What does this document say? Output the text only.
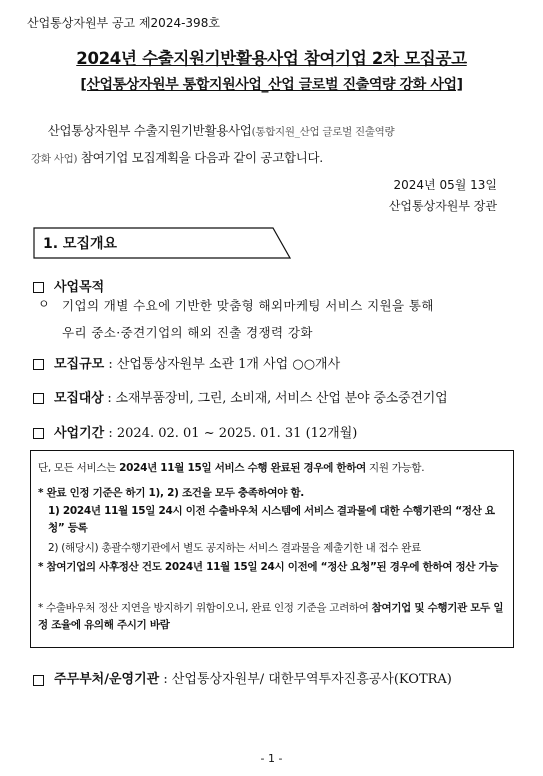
산업통상자원부 공고 제2024-398호
2024년 수출지원기반활용사업 참여기업 2차 모집공고
[산업통상자원부 통합지원사업_산업 글로벌 진출역량 강화 사업]
산업통상자원부 수출지원기반활용사업(통합지원_산업 글로벌 진출역량
강화 사업) 참여기업 모집계획을 다음과 같이 공고합니다.
2024년 05월 13일
산업통상자원부 장관
1. 모집개요
사업목적
ㅇ 기업의 개별 수요에 기반한 맞춤형 해외마케팅 서비스 지원을 통해
우리 중소·중견기업의 해외 진출 경쟁력 강화
모집규모 : 산업통상자원부 소관 1개 사업 ○○개사
모집대상 : 소재부품장비, 그린, 소비재, 서비스 산업 분야 중소중견기업
사업기간 : 2024. 02. 01 ~ 2025. 01. 31 (12개월)
단, 모든 서비스는 2024년 11월 15일 서비스 수행 완료된 경우에 한하여 지원 가능함.
* 완료 인정 기준은 하기 1), 2) 조건을 모두 충족하여야 함.
1) 2024년 11월 15일 24시 이전 수출바우처 시스템에 서비스 결과물에 대한 수행기관의 “정산 요청” 등록
2) (해당시) 총괄수행기관에서 별도 공지하는 서비스 결과물을 제출기한 내 접수 완료
* 참여기업의 사후정산 건도 2024년 11월 15일 24시 이전에 “정산 요청”된 경우에 한하여 정산 가능
* 수출바우처 정산 지연을 방지하기 위함이오니, 완료 인정 기준을 고려하여 참여기업 및 수행기관 모두 일정 조율에 유의해 주시기 바람
주무부처/운영기관 : 산업통상자원부/ 대한무역투자진흥공사(KOTRA)
- 1 -
